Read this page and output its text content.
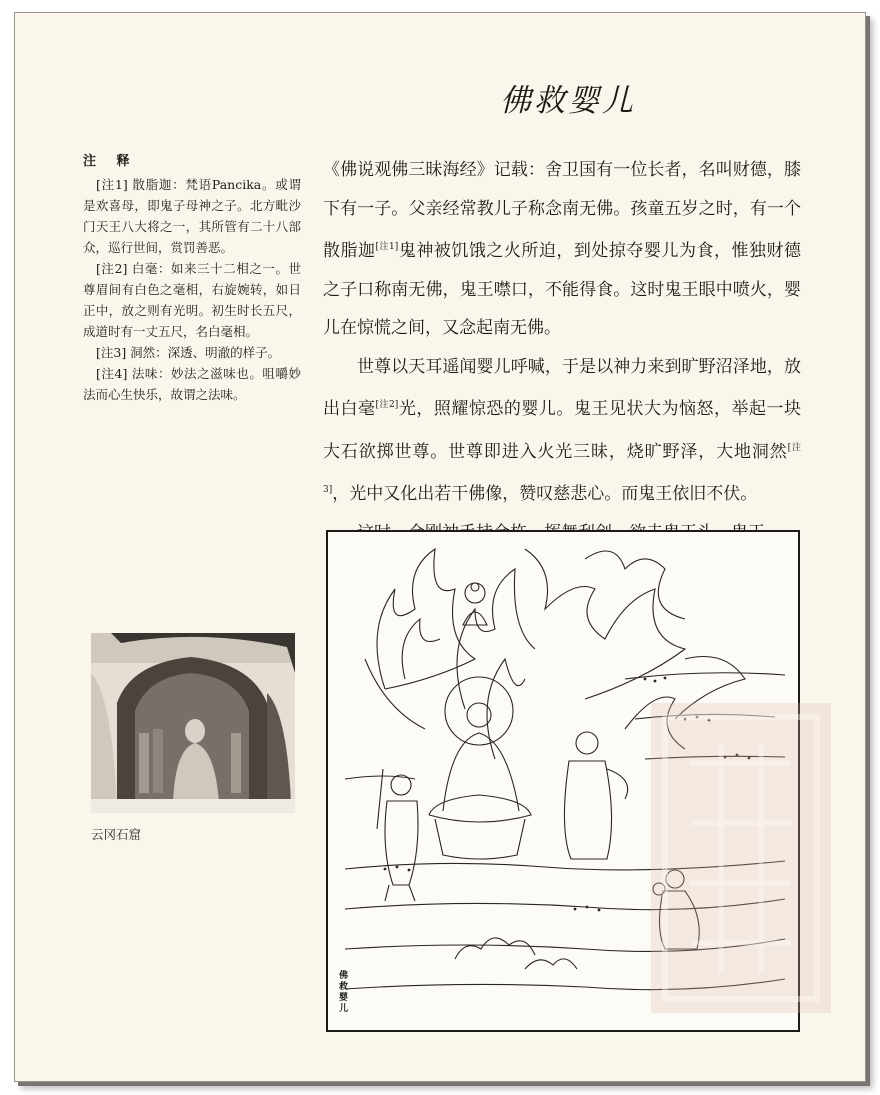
佛救婴儿
注 释
[注1] 散脂迦：梵语Pancika。或谓是欢喜母，即鬼子母神之子。北方毗沙门天王八大将之一，其所管有二十八部众，巡行世间，赏罚善恶。
[注2] 白毫：如来三十二相之一。世尊眉间有白色之毫相，右旋婉转，如日正中，放之则有光明。初生时长五尺，成道时有一丈五尺，名白毫相。
[注3] 洞然：深透、明澈的样子。
[注4] 法味：妙法之滋味也。咀嚼妙法而心生快乐，故谓之法味。

《佛说观佛三昧海经》记载：舍卫国有一位长者，名叫财德，膝下有一子。父亲经常教儿子称念南无佛。孩童五岁之时，有一个散脂迦[注1]鬼神被饥饿之火所迫，到处掠夺婴儿为食，惟独财德之子口称南无佛，鬼王噤口，不能得食。这时鬼王眼中喷火，婴儿在惊慌之间，又念起南无佛。

世尊以天耳遥闻婴儿呼喊，于是以神力来到旷野沼泽地，放出白毫[注2]光，照耀惊恐的婴儿。鬼王见状大为恼怒，举起一块大石欲掷世尊。世尊即进入火光三昧，烧旷野泽，大地洞然[注3]，光中又化出若干佛像，赞叹慈悲心。而鬼王依旧不伏。

云冈石窟
佛救婴儿
